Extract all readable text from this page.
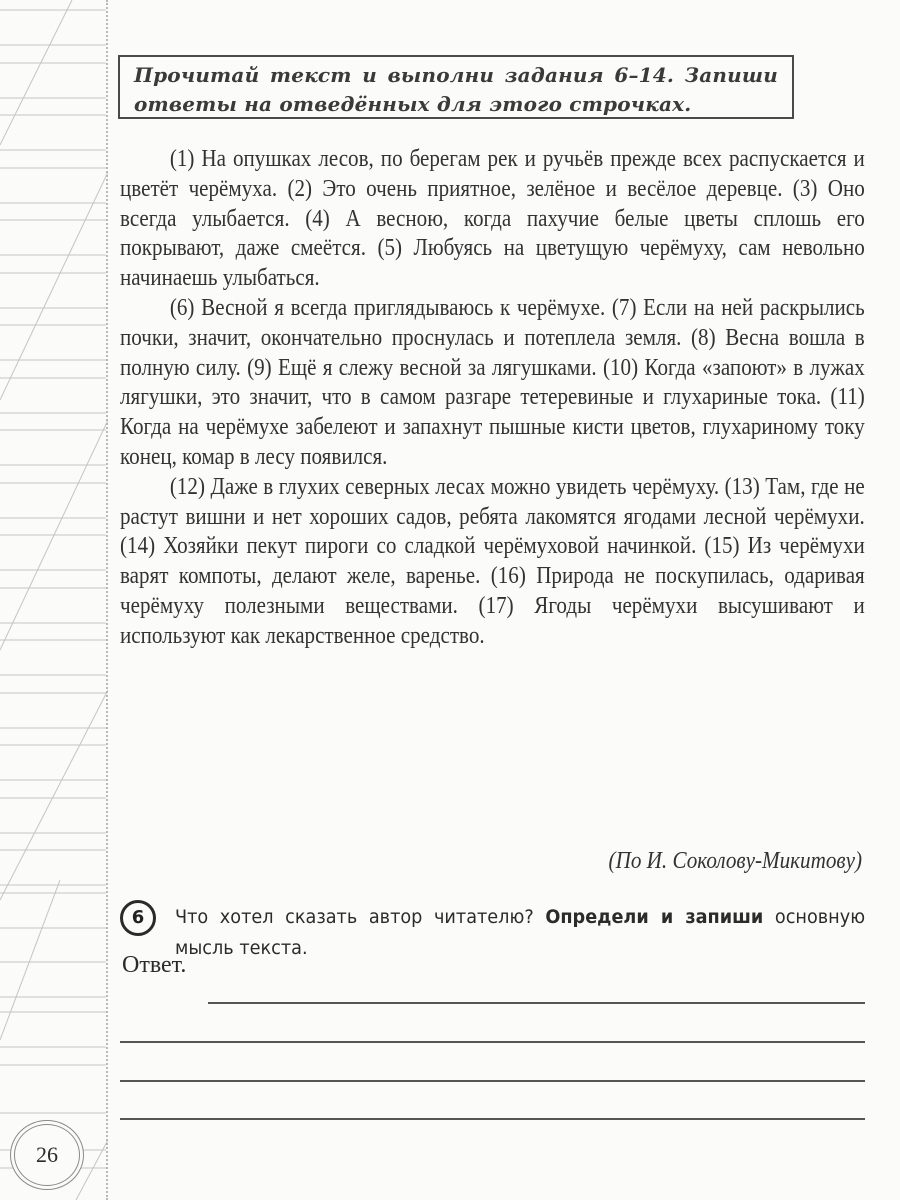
Прочитай текст и выполни задания 6–14. Запиши ответы на отведённых для этого строчках.

(1) На опушках лесов, по берегам рек и ручьёв прежде всех распускается и цветёт черёмуха. (2) Это очень приятное, зелёное и весёлое деревце. (3) Оно всегда улыбается. (4) А весною, когда пахучие белые цветы сплошь его покрывают, даже смеётся. (5) Любуясь на цветущую черёмуху, сам невольно начинаешь улыбаться.

(6) Весной я всегда приглядываюсь к черёмухе. (7) Если на ней раскрылись почки, значит, окончательно проснулась и потеплела земля. (8) Весна вошла в полную силу. (9) Ещё я слежу весной за лягушками. (10) Когда «запоют» в лужах лягушки, это значит, что в самом разгаре тетеревиные и глухариные тока. (11) Когда на черёмухе забелеют и запахнут пышные кисти цветов, глухариному току конец, комар в лесу появился.

(12) Даже в глухих северных лесах можно увидеть черёмуху. (13) Там, где не растут вишни и нет хороших садов, ребята лакомятся ягодами лесной черёмухи. (14) Хозяйки пекут пироги со сладкой черёмуховой начинкой. (15) Из черёмухи варят компоты, делают желе, варенье. (16) Природа не поскупилась, одаривая черёмуху полезными веществами. (17) Ягоды черёмухи высушивают и используют как лекарственное средство.

(По И. Соколову-Микитову)
6	Что хотел сказать автор читателю? Определи и запиши основную мысль текста.
Ответ.
26
